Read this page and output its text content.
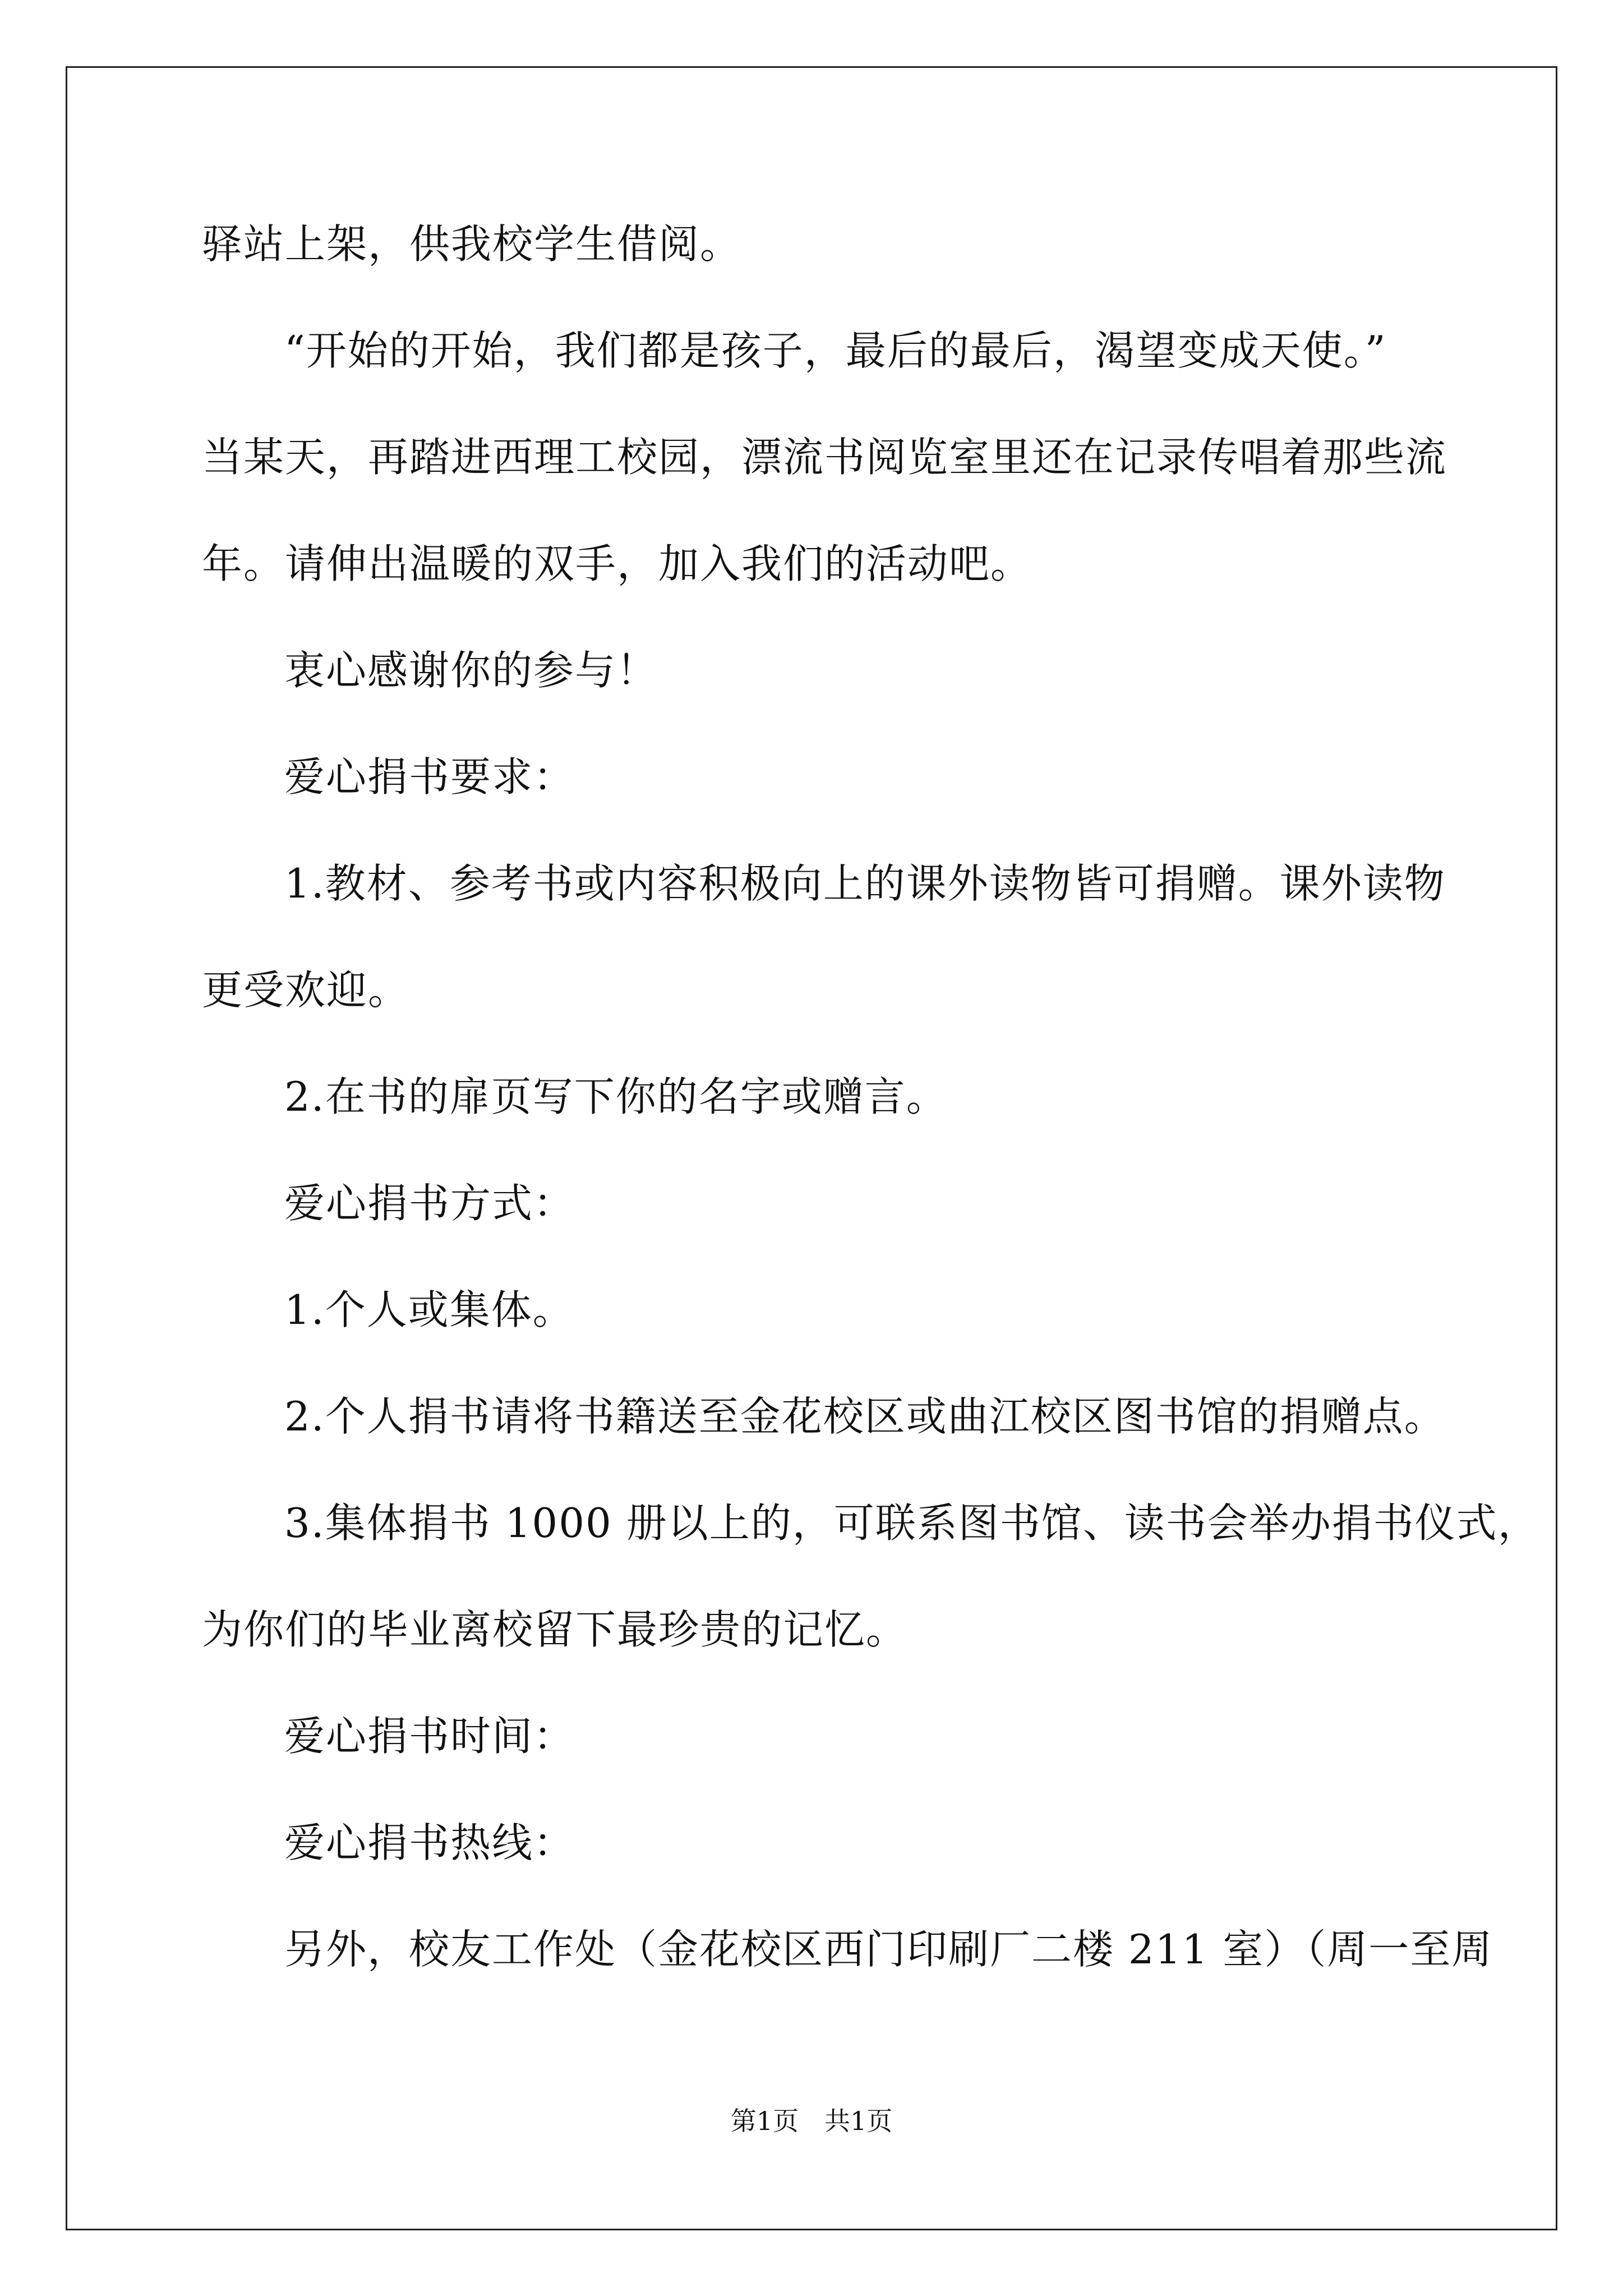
驿站上架，供我校学生借阅。

“开始的开始，我们都是孩子，最后的最后，渴望变成天使。”

当某天，再踏进西理工校园，漂流书阅览室里还在记录传唱着那些流

年。请伸出温暖的双手，加入我们的活动吧。

衷心感谢你的参与！

爱心捐书要求：

1.教材、参考书或内容积极向上的课外读物皆可捐赠。课外读物

更受欢迎。

2.在书的扉页写下你的名字或赠言。

爱心捐书方式：

1.个人或集体。

2.个人捐书请将书籍送至金花校区或曲江校区图书馆的捐赠点。

3.集体捐书 1000 册以上的，可联系图书馆、读书会举办捐书仪式，

为你们的毕业离校留下最珍贵的记忆。

爱心捐书时间：

爱心捐书热线：

另外，校友工作处（金花校区西门印刷厂二楼 211 室）（周一至周

第1页　共1页
